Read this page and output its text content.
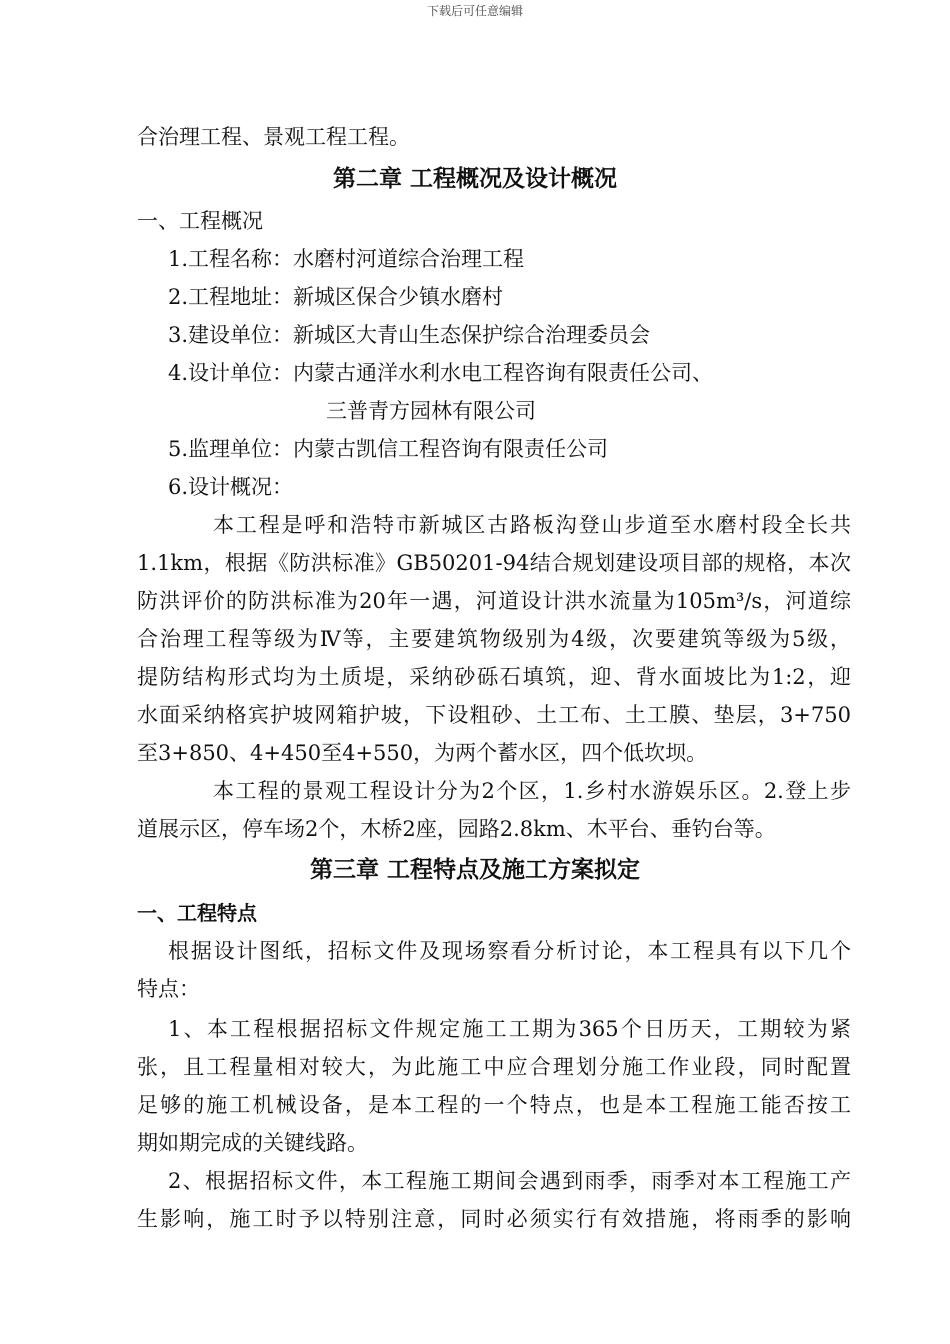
下载后可任意编辑
合治理工程、景观工程工程。
第二章 工程概况及设计概况
一、工程概况
1.工程名称：水磨村河道综合治理工程
2.工程地址：新城区保合少镇水磨村
3.建设单位：新城区大青山生态保护综合治理委员会
4.设计单位：内蒙古通洋水利水电工程咨询有限责任公司、
三普青方园林有限公司
5.监理单位：内蒙古凯信工程咨询有限责任公司
6.设计概况：
本工程是呼和浩特市新城区古路板沟登山步道至水磨村段全长共
1.1km，根据《防洪标准》GB50201-94结合规划建设项目部的规格，本次
防洪评价的防洪标准为20年一遇，河道设计洪水流量为105m³/s，河道综
合治理工程等级为Ⅳ等，主要建筑物级别为4级，次要建筑等级为5级，
提防结构形式均为土质堤，采纳砂砾石填筑，迎、背水面坡比为1:2，迎
水面采纳格宾护坡网箱护坡，下设粗砂、土工布、土工膜、垫层，3+750
至3+850、4+450至4+550，为两个蓄水区，四个低坎坝。
本工程的景观工程设计分为2个区，1.乡村水游娱乐区。2.登上步
道展示区，停车场2个，木桥2座，园路2.8km、木平台、垂钓台等。
第三章 工程特点及施工方案拟定
一、工程特点
根据设计图纸，招标文件及现场察看分析讨论，本工程具有以下几个
特点：
1、本工程根据招标文件规定施工工期为365个日历天，工期较为紧
张，且工程量相对较大，为此施工中应合理划分施工作业段，同时配置
足够的施工机械设备，是本工程的一个特点，也是本工程施工能否按工
期如期完成的关键线路。
2、根据招标文件，本工程施工期间会遇到雨季，雨季对本工程施工产
生影响，施工时予以特别注意，同时必须实行有效措施，将雨季的影响
